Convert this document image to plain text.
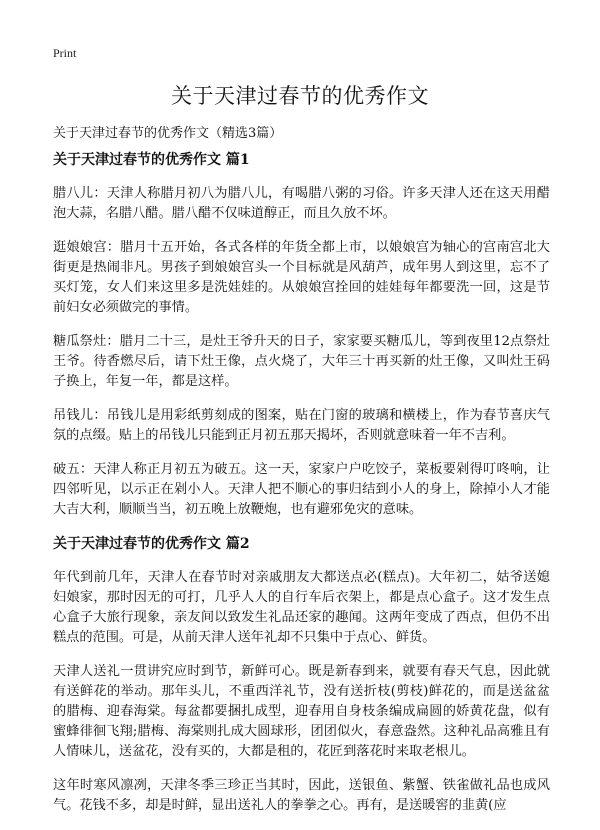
Print
关于天津过春节的优秀作文
关于天津过春节的优秀作文（精选3篇）
关于天津过春节的优秀作文 篇1

腊八儿：天津人称腊月初八为腊八儿，有喝腊八粥的习俗。许多天津人还在这天用醋泡大蒜，名腊八醋。腊八醋不仅味道醇正，而且久放不坏。

逛娘娘宫：腊月十五开始，各式各样的年货全都上市，以娘娘宫为轴心的宫南宫北大街更是热闹非凡。男孩子到娘娘宫头一个目标就是风葫芦，成年男人到这里，忘不了买灯笼，女人们来这里多是洗娃娃的。从娘娘宫拴回的娃娃每年都要洗一回，这是节前妇女必须做完的事情。

糖瓜祭灶：腊月二十三，是灶王爷升天的日子，家家要买糖瓜儿，等到夜里12点祭灶王爷。待香燃尽后，请下灶王像，点火烧了，大年三十再买新的灶王像，又叫灶王码子换上，年复一年，都是这样。

吊钱儿：吊钱儿是用彩纸剪刻成的图案，贴在门窗的玻璃和横楼上，作为春节喜庆气氛的点缀。贴上的吊钱儿只能到正月初五那天揭坏，否则就意味着一年不吉利。

破五：天津人称正月初五为破五。这一天，家家户户吃饺子，菜板要剁得叮咚响，让四邻听见，以示正在剁小人。天津人把不顺心的事归结到小人的身上，除掉小人才能大吉大利，顺顺当当，初五晚上放鞭炮，也有避邪免灾的意味。

关于天津过春节的优秀作文 篇2

年代到前几年，天津人在春节时对亲戚朋友大都送点必(糕点)。大年初二，姑爷送媳妇娘家，那时因无的可打，几乎人人的自行车后衣架上，都是点心盒子。这才发生点心盒子大旅行现象，亲友间以致发生礼品还家的趣闻。这两年变成了西点，但仍不出糕点的范围。可是，从前天津人送年礼却不只集中于点心、鲜货。

天津人送礼一贯讲究应时到节，新鲜可心。既是新春到来，就要有春天气息，因此就有送鲜花的举动。那年头儿，不重西洋礼节，没有送折枝(剪枝)鲜花的，而是送盆盆的腊梅、迎春海棠。每盆都要捆扎成型，迎春用自身枝条编成扁圆的娇黄花盘，似有蜜蜂徘徊飞翔;腊梅、海棠则扎成大圆球形，团团似火，春意盎然。这种礼品高雅且有人情味儿，送盆花，没有买的，大都是租的，花匠到落花时来取老根儿。

这年时寒风凛冽，天津冬季三珍正当其时，因此，送银鱼、紫蟹、铁雀做礼品也成风气。花钱不多，却是时鲜，显出送礼人的拳拳之心。再有，是送暖窖的韭黄(应
